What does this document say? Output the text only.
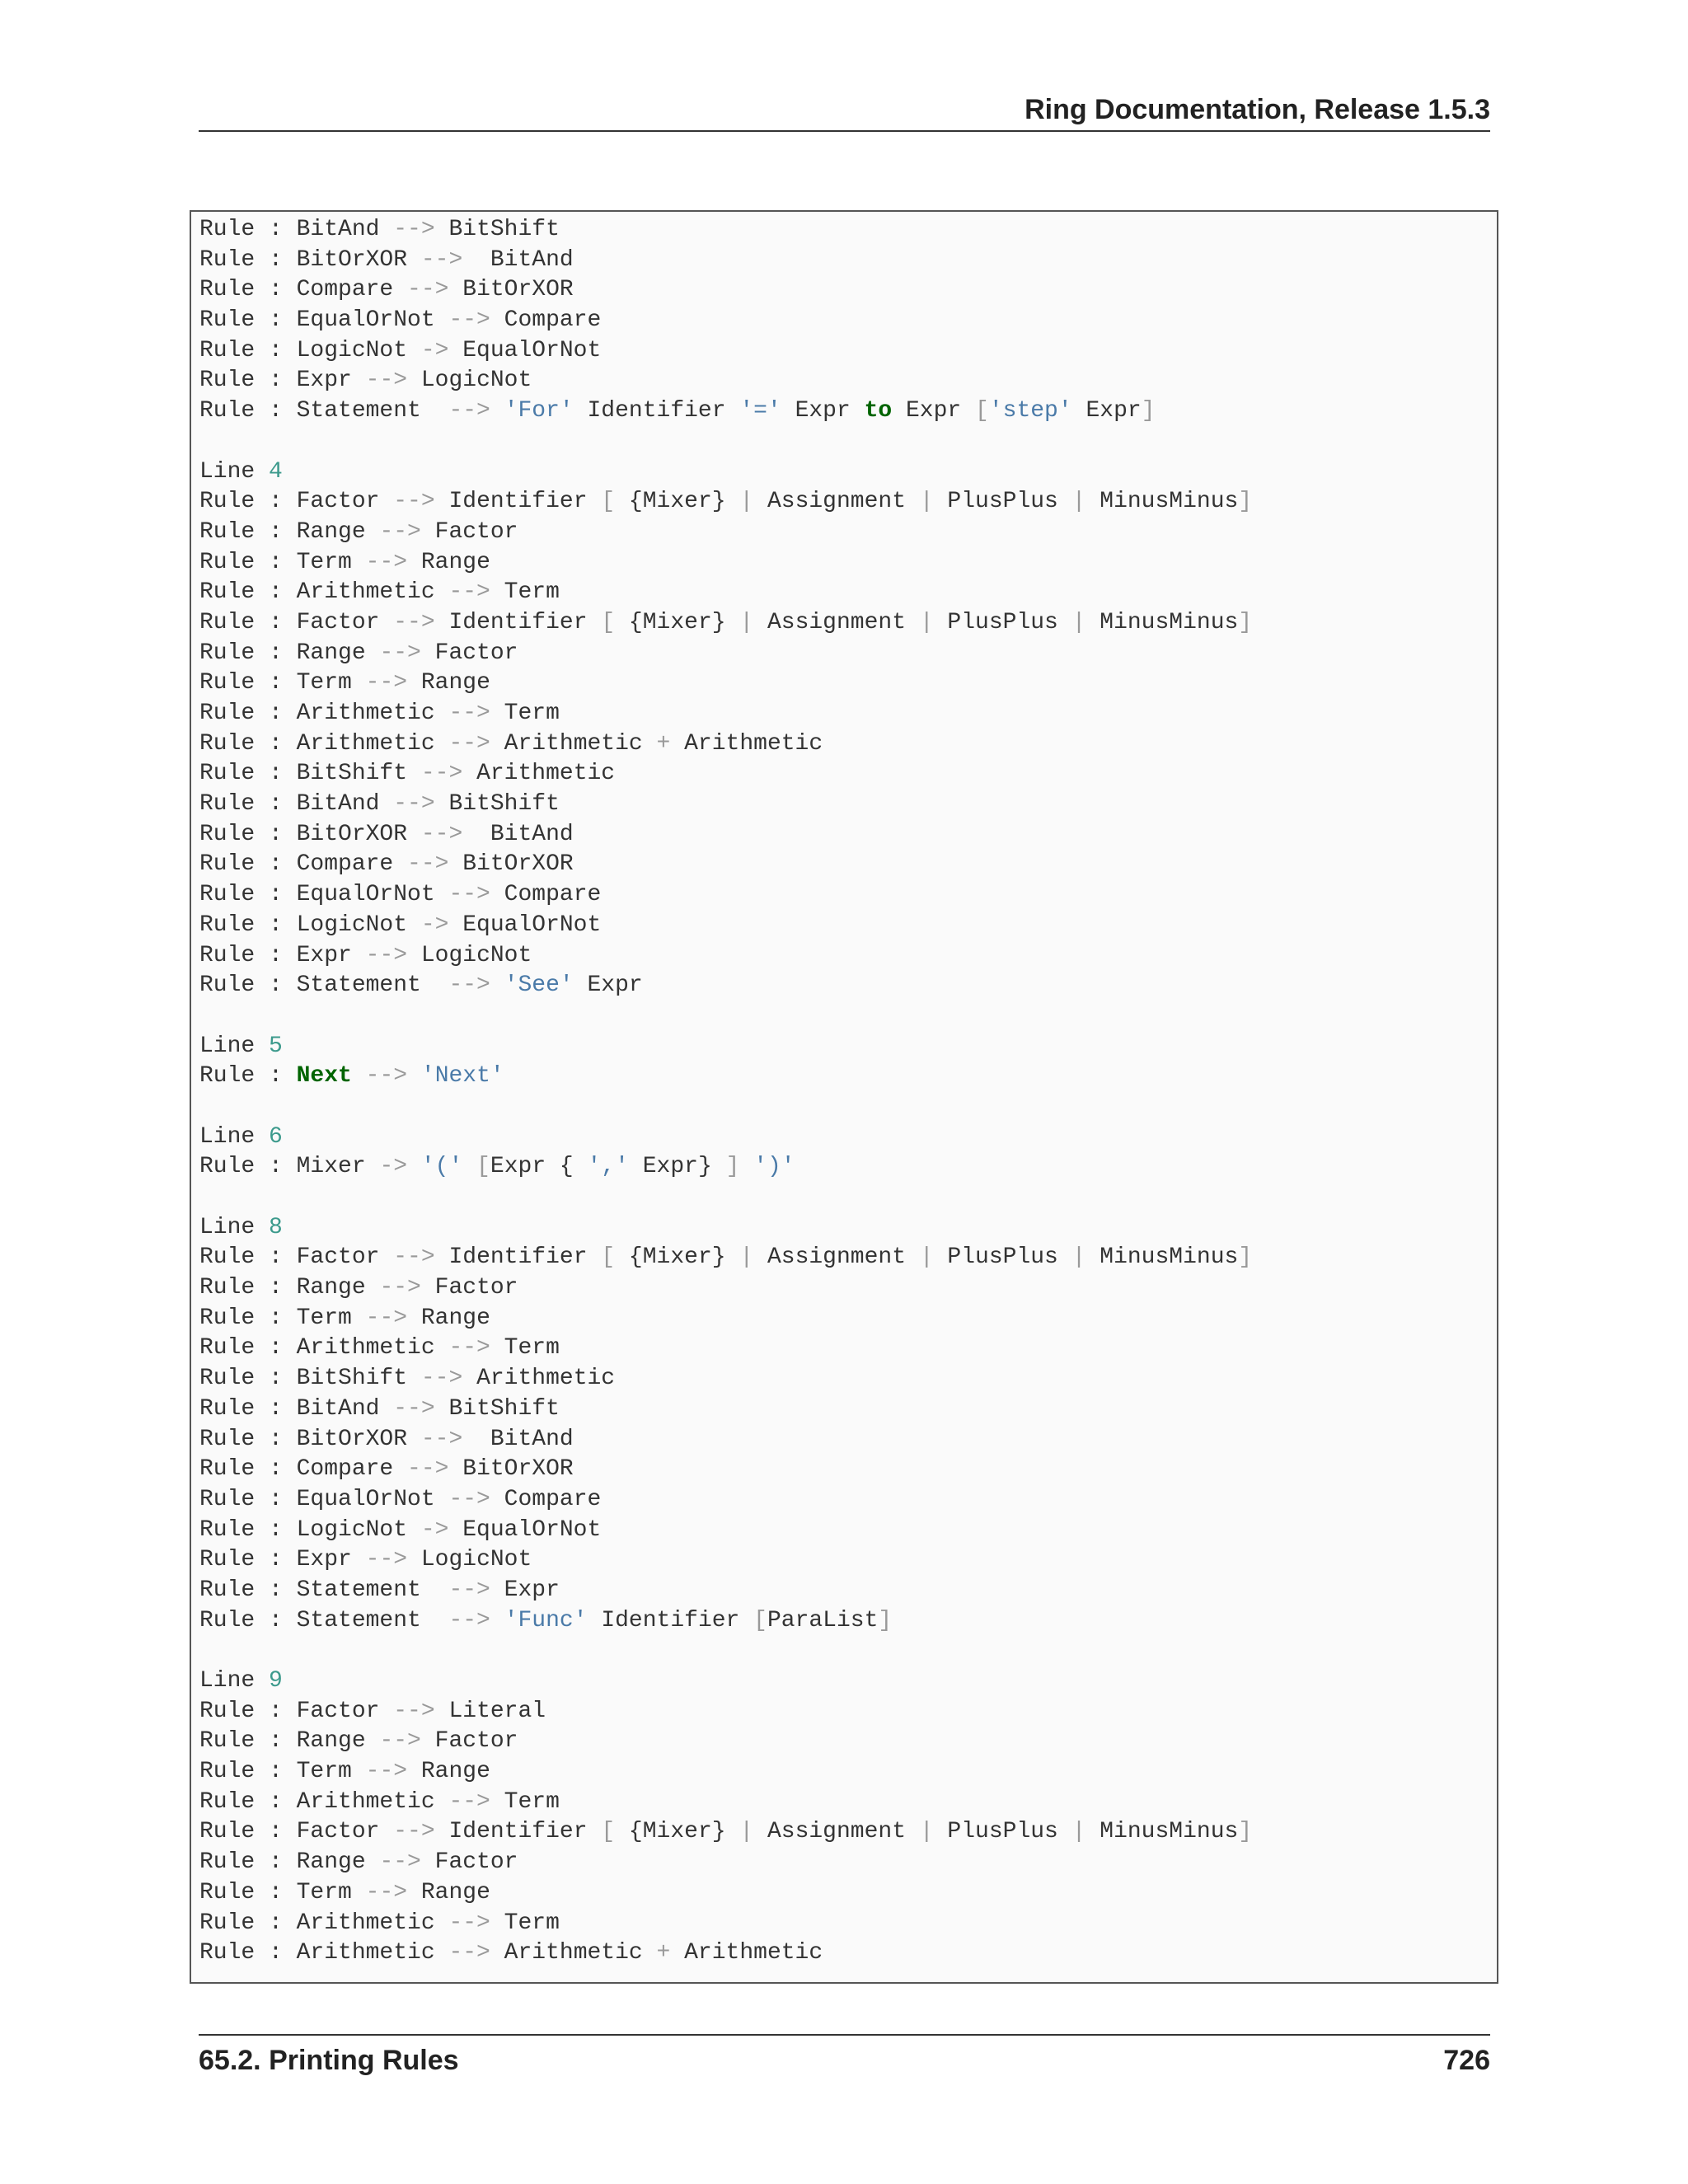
Ring Documentation, Release 1.5.3
Rule : BitAnd --> BitShift
Rule : BitOrXOR -->  BitAnd
Rule : Compare --> BitOrXOR
Rule : EqualOrNot --> Compare
Rule : LogicNot -> EqualOrNot
Rule : Expr --> LogicNot
Rule : Statement  --> 'For' Identifier '=' Expr to Expr ['step' Expr]

Line 4
Rule : Factor --> Identifier [ {Mixer} | Assignment | PlusPlus | MinusMinus]
Rule : Range --> Factor
Rule : Term --> Range
Rule : Arithmetic --> Term
Rule : Factor --> Identifier [ {Mixer} | Assignment | PlusPlus | MinusMinus]
Rule : Range --> Factor
Rule : Term --> Range
Rule : Arithmetic --> Term
Rule : Arithmetic --> Arithmetic + Arithmetic
Rule : BitShift --> Arithmetic
Rule : BitAnd --> BitShift
Rule : BitOrXOR -->  BitAnd
Rule : Compare --> BitOrXOR
Rule : EqualOrNot --> Compare
Rule : LogicNot -> EqualOrNot
Rule : Expr --> LogicNot
Rule : Statement  --> 'See' Expr

Line 5
Rule : Next --> 'Next'

Line 6
Rule : Mixer -> '(' [Expr { ',' Expr} ] ')'

Line 8
Rule : Factor --> Identifier [ {Mixer} | Assignment | PlusPlus | MinusMinus]
Rule : Range --> Factor
Rule : Term --> Range
Rule : Arithmetic --> Term
Rule : BitShift --> Arithmetic
Rule : BitAnd --> BitShift
Rule : BitOrXOR -->  BitAnd
Rule : Compare --> BitOrXOR
Rule : EqualOrNot --> Compare
Rule : LogicNot -> EqualOrNot
Rule : Expr --> LogicNot
Rule : Statement  --> Expr
Rule : Statement  --> 'Func' Identifier [ParaList]

Line 9
Rule : Factor --> Literal
Rule : Range --> Factor
Rule : Term --> Range
Rule : Arithmetic --> Term
Rule : Factor --> Identifier [ {Mixer} | Assignment | PlusPlus | MinusMinus]
Rule : Range --> Factor
Rule : Term --> Range
Rule : Arithmetic --> Term
Rule : Arithmetic --> Arithmetic + Arithmetic
65.2. Printing Rules	726
